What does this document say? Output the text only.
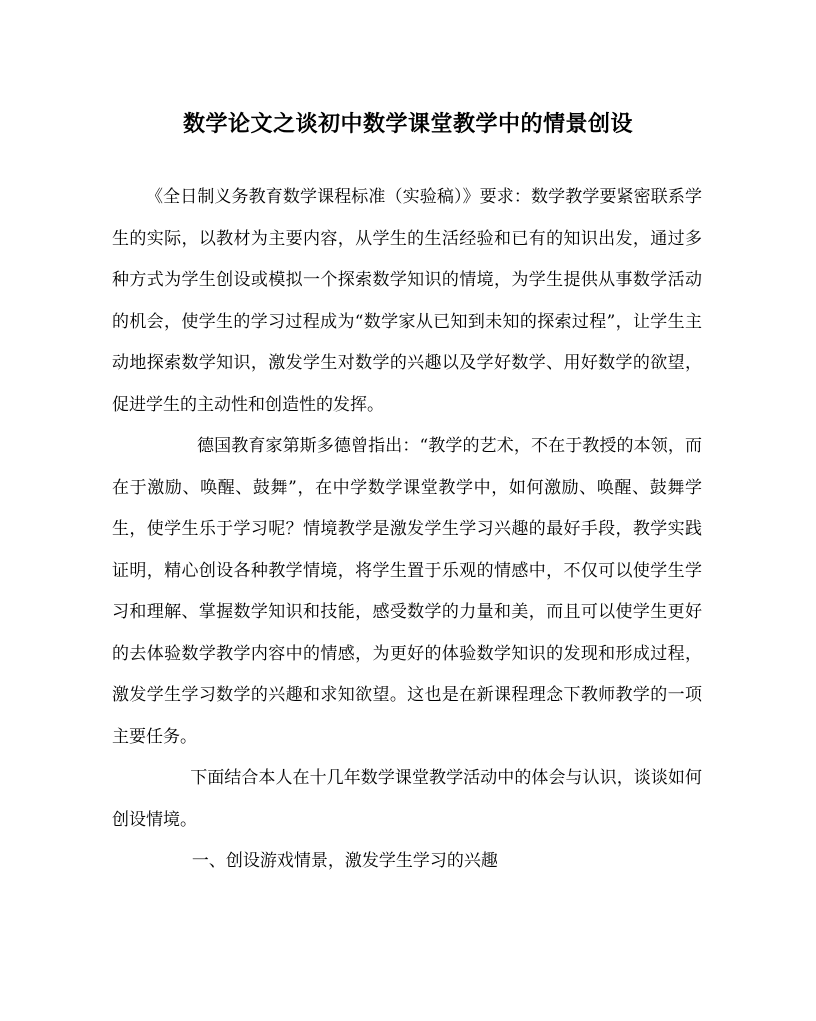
数学论文之谈初中数学课堂教学中的情景创设

《全日制义务教育数学课程标准（实验稿）》要求：数学教学要紧密联系学生的实际，以教材为主要内容，从学生的生活经验和已有的知识出发，通过多种方式为学生创设或模拟一个探索数学知识的情境，为学生提供从事数学活动的机会，使学生的学习过程成为“数学家从已知到未知的探索过程”，让学生主动地探索数学知识，激发学生对数学的兴趣以及学好数学、用好数学的欲望，促进学生的主动性和创造性的发挥。

德国教育家第斯多德曾指出：“教学的艺术，不在于教授的本领，而在于激励、唤醒、鼓舞”，在中学数学课堂教学中，如何激励、唤醒、鼓舞学生，使学生乐于学习呢？情境教学是激发学生学习兴趣的最好手段，教学实践证明，精心创设各种教学情境，将学生置于乐观的情感中，不仅可以使学生学习和理解、掌握数学知识和技能，感受数学的力量和美，而且可以使学生更好的去体验数学教学内容中的情感，为更好的体验数学知识的发现和形成过程，激发学生学习数学的兴趣和求知欲望。这也是在新课程理念下教师教学的一项主要任务。

下面结合本人在十几年数学课堂教学活动中的体会与认识，谈谈如何创设情境。

一、创设游戏情景，激发学生学习的兴趣
